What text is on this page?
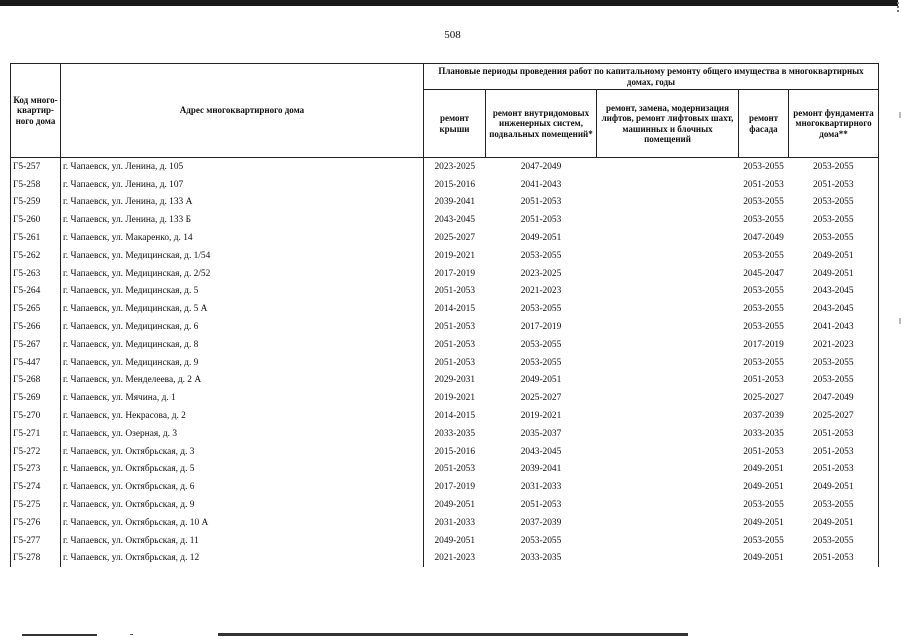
508
Код много-квартир-ного дома	Адрес многоквартирного дома	Плановые периоды проведения работ по капитальному ремонту общего имущества в многоквартирных домах, годы				
		ремонт крыши	ремонт внутридомовых инженерных систем, подвальных помещений*	ремонт, замена, модернизация лифтов, ремонт лифтовых шахт, машинных и блочных помещений	ремонт фасада	ремонт фундамента многоквартирного дома**
Г5-257	г. Чапаевск, ул. Ленина, д. 105	2023-2025	2047-2049		2053-2055	2053-2055
Г5-258	г. Чапаевск, ул. Ленина, д. 107	2015-2016	2041-2043		2051-2053	2051-2053
Г5-259	г. Чапаевск, ул. Ленина, д. 133 А	2039-2041	2051-2053		2053-2055	2053-2055
Г5-260	г. Чапаевск, ул. Ленина, д. 133 Б	2043-2045	2051-2053		2053-2055	2053-2055
Г5-261	г. Чапаевск, ул. Макаренко, д. 14	2025-2027	2049-2051		2047-2049	2053-2055
Г5-262	г. Чапаевск, ул. Медицинская, д. 1/54	2019-2021	2053-2055		2053-2055	2049-2051
Г5-263	г. Чапаевск, ул. Медицинская, д. 2/52	2017-2019	2023-2025		2045-2047	2049-2051
Г5-264	г. Чапаевск, ул. Медицинская, д. 5	2051-2053	2021-2023		2053-2055	2043-2045
Г5-265	г. Чапаевск, ул. Медицинская, д. 5 А	2014-2015	2053-2055		2053-2055	2043-2045
Г5-266	г. Чапаевск, ул. Медицинская, д. 6	2051-2053	2017-2019		2053-2055	2041-2043
Г5-267	г. Чапаевск, ул. Медицинская, д. 8	2051-2053	2053-2055		2017-2019	2021-2023
Г5-447	г. Чапаевск, ул. Медицинская, д. 9	2051-2053	2053-2055		2053-2055	2053-2055
Г5-268	г. Чапаевск, ул. Менделеева, д. 2 А	2029-2031	2049-2051		2051-2053	2053-2055
Г5-269	г. Чапаевск, ул. Мячина, д. 1	2019-2021	2025-2027		2025-2027	2047-2049
Г5-270	г. Чапаевск, ул. Некрасова, д. 2	2014-2015	2019-2021		2037-2039	2025-2027
Г5-271	г. Чапаевск, ул. Озерная, д. 3	2033-2035	2035-2037		2033-2035	2051-2053
Г5-272	г. Чапаевск, ул. Октябрьская, д. 3	2015-2016	2043-2045		2051-2053	2051-2053
Г5-273	г. Чапаевск, ул. Октябрьская, д. 5	2051-2053	2039-2041		2049-2051	2051-2053
Г5-274	г. Чапаевск, ул. Октябрьская, д. 6	2017-2019	2031-2033		2049-2051	2049-2051
Г5-275	г. Чапаевск, ул. Октябрьская, д. 9	2049-2051	2051-2053		2053-2055	2053-2055
Г5-276	г. Чапаевск, ул. Октябрьская, д. 10 А	2031-2033	2037-2039		2049-2051	2049-2051
Г5-277	г. Чапаевск, ул. Октябрьская, д. 11	2049-2051	2053-2055		2053-2055	2053-2055
Г5-278	г. Чапаевск, ул. Октябрьская, д. 12	2021-2023	2033-2035		2049-2051	2051-2053
